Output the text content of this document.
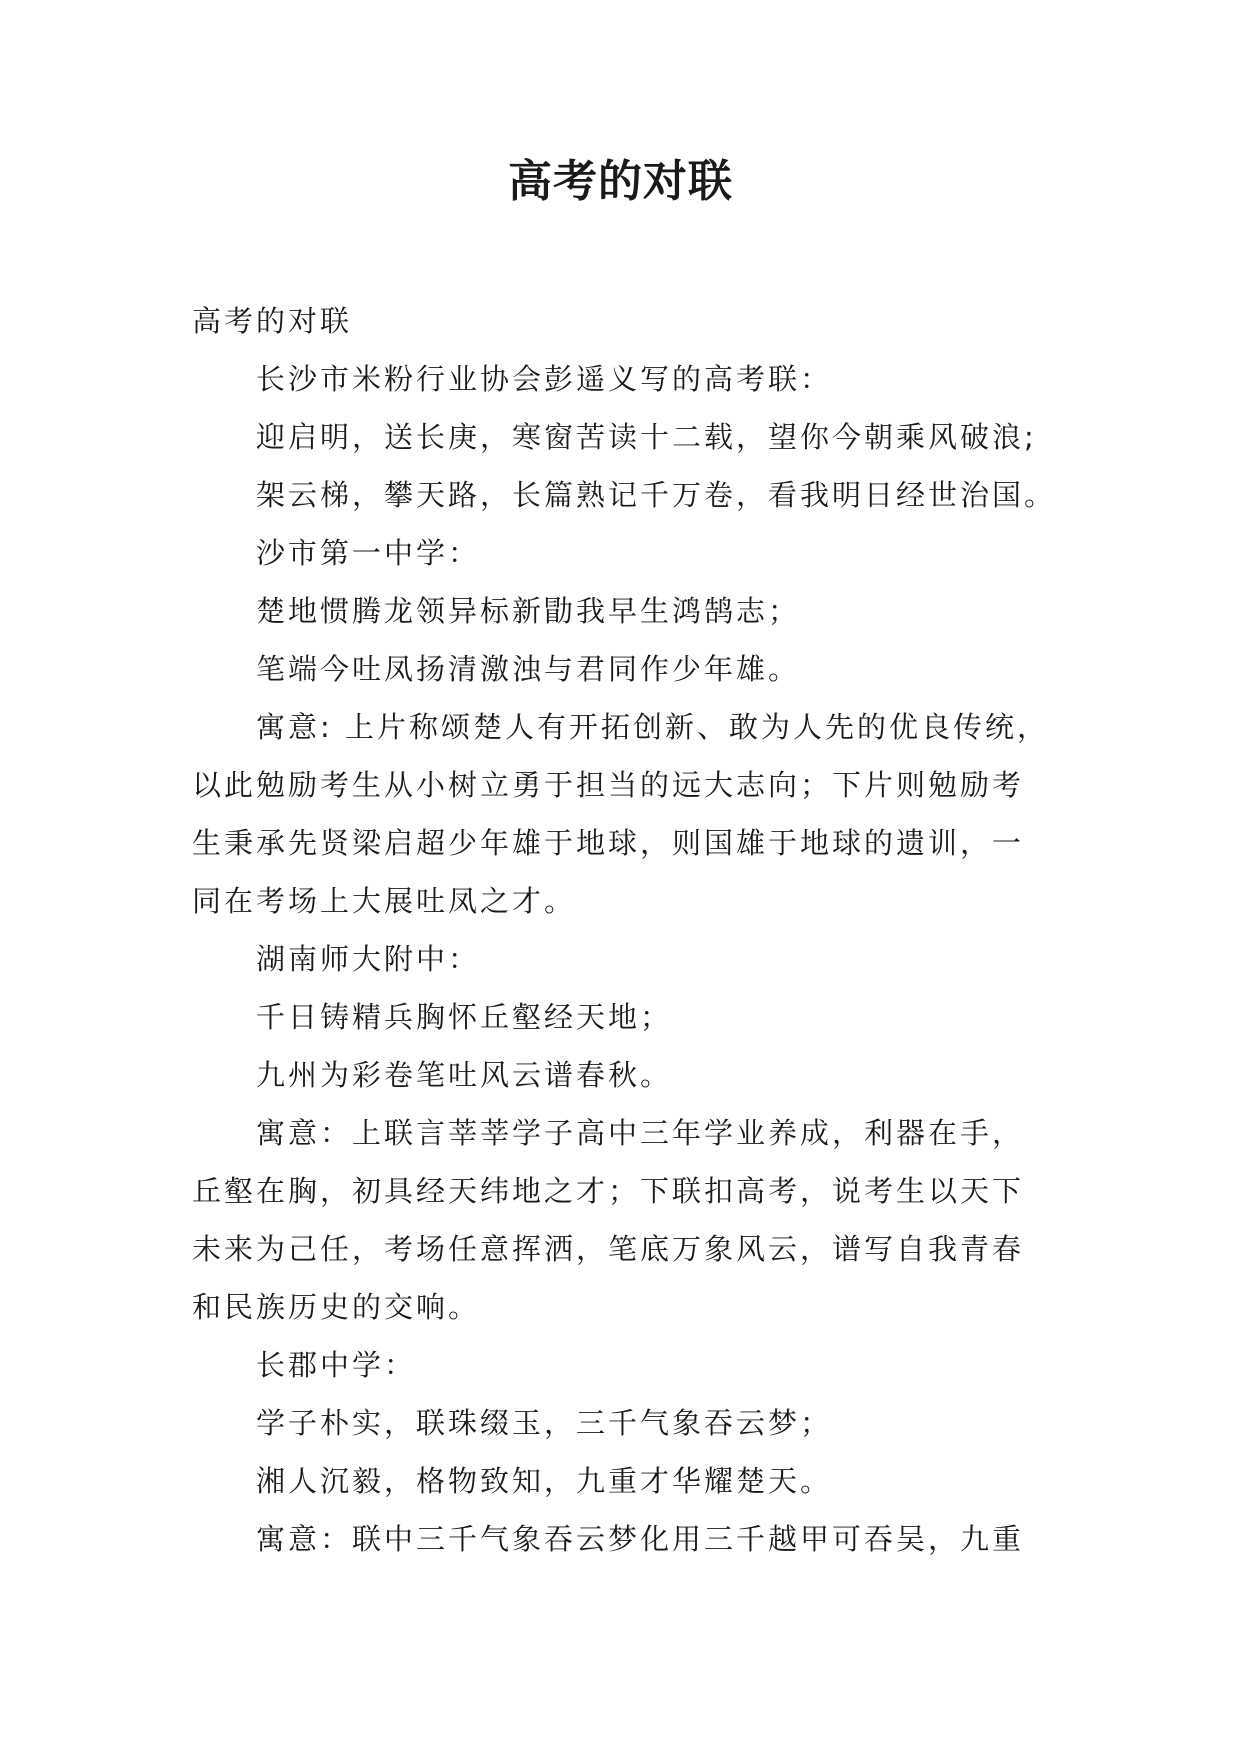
高考的对联

高考的对联

长沙市米粉行业协会彭遥义写的高考联：

迎启明，送长庚，寒窗苦读十二载，望你今朝乘风破浪;

架云梯，攀天路，长篇熟记千万卷，看我明日经世治国。

沙市第一中学：

楚地惯腾龙领异标新勖我早生鸿鹄志；

笔端今吐凤扬清激浊与君同作少年雄。

寓意: 上片称颂楚人有开拓创新、敢为人先的优良传统，
以此勉励考生从小树立勇于担当的远大志向；下片则勉励考
生秉承先贤梁启超少年雄于地球，则国雄于地球的遗训，一
同在考场上大展吐凤之才。

湖南师大附中：

千日铸精兵胸怀丘壑经天地；

九州为彩卷笔吐风云谱春秋。

寓意：上联言莘莘学子高中三年学业养成，利器在手，
丘壑在胸，初具经天纬地之才；下联扣高考，说考生以天下
未来为己任，考场任意挥洒，笔底万象风云，谱写自我青春
和民族历史的交响。

长郡中学：

学子朴实，联珠缀玉，三千气象吞云梦；

湘人沉毅，格物致知，九重才华耀楚天。

寓意：联中三千气象吞云梦化用三千越甲可吞吴，九重
